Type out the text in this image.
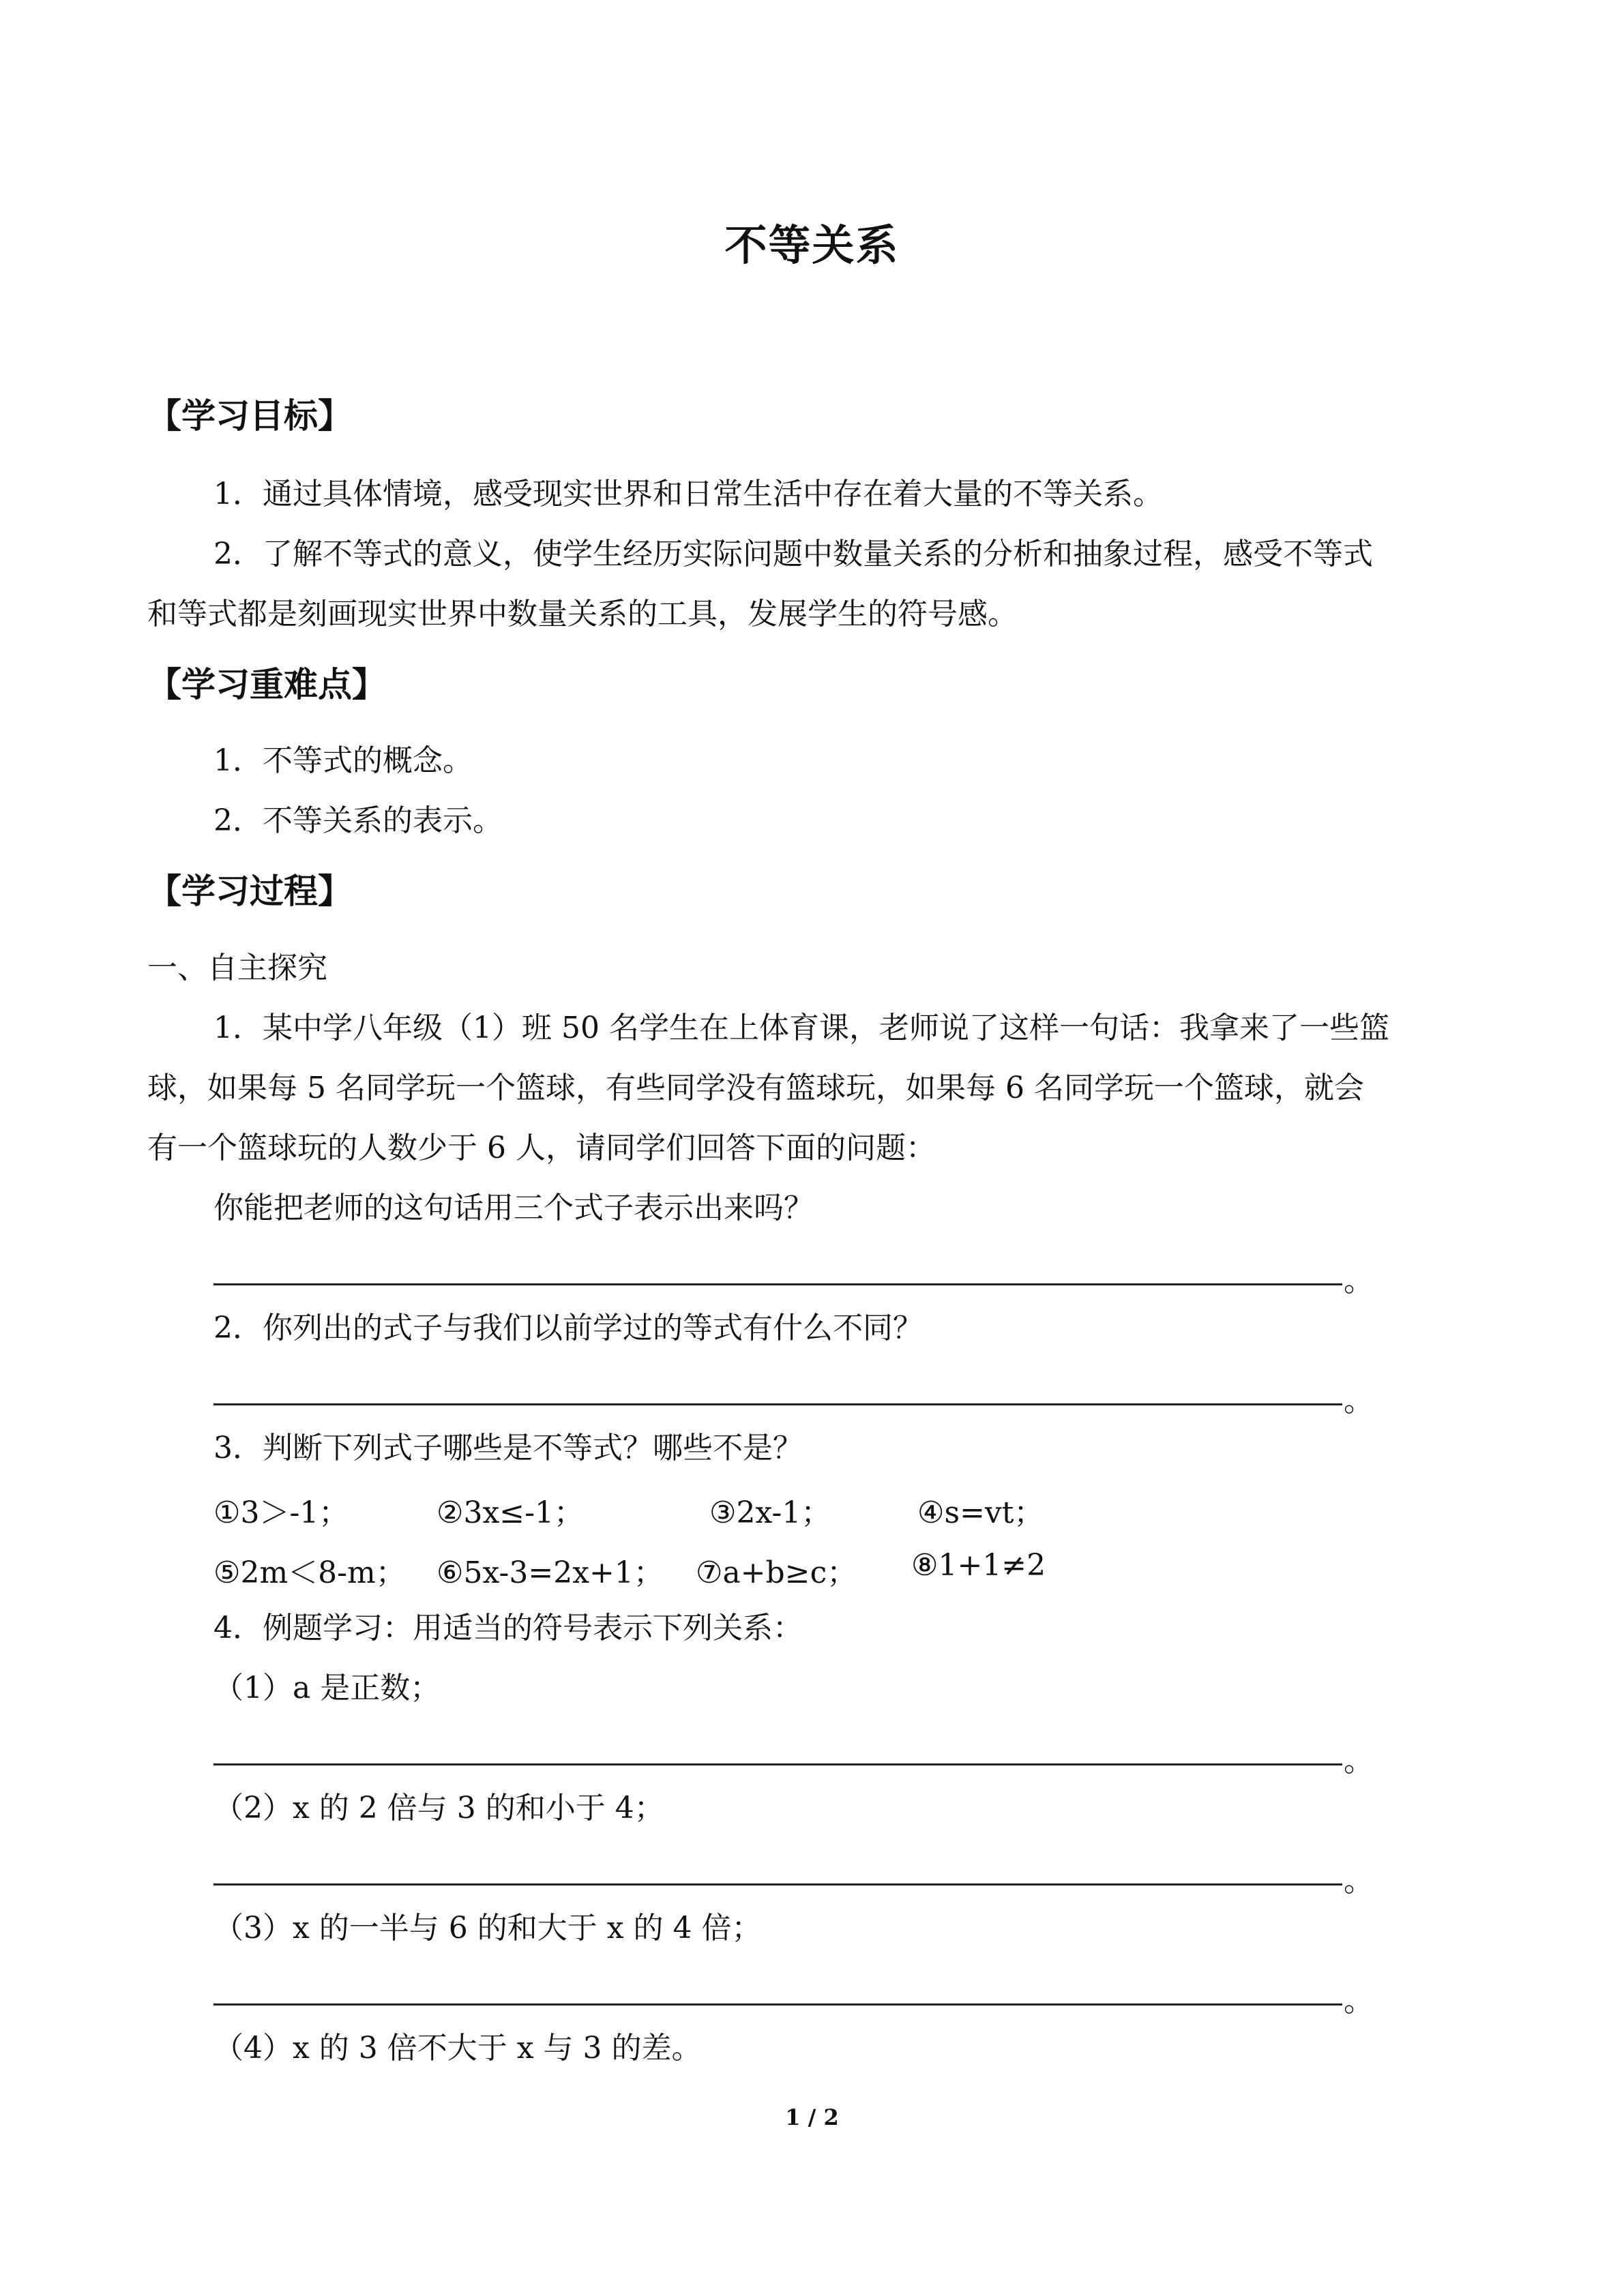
不等关系
【学习目标】
1．通过具体情境，感受现实世界和日常生活中存在着大量的不等关系。
2．了解不等式的意义，使学生经历实际问题中数量关系的分析和抽象过程，感受不等式
和等式都是刻画现实世界中数量关系的工具，发展学生的符号感。
【学习重难点】
1．不等式的概念。
2．不等关系的表示。
【学习过程】
一、自主探究
1．某中学八年级（1）班 50 名学生在上体育课，老师说了这样一句话：我拿来了一些篮
球，如果每 5 名同学玩一个篮球，有些同学没有篮球玩，如果每 6 名同学玩一个篮球，就会
有一个篮球玩的人数少于 6 人，请同学们回答下面的问题：
你能把老师的这句话用三个式子表示出来吗？
。
2．你列出的式子与我们以前学过的等式有什么不同？
。
3．判断下列式子哪些是不等式？哪些不是？
①3＞-1；	②3x≤-1；	③2x-1；	④s=vt；
⑤2m＜8-m； ⑥5x-3=2x+1； ⑦a+b≥c； ⑧1+1≠2
4．例题学习：用适当的符号表示下列关系：
（1）a 是正数；
。
（2）x 的 2 倍与 3 的和小于 4；
。
（3）x 的一半与 6 的和大于 x 的 4 倍；
。
（4）x 的 3 倍不大于 x 与 3 的差。
1 / 2
